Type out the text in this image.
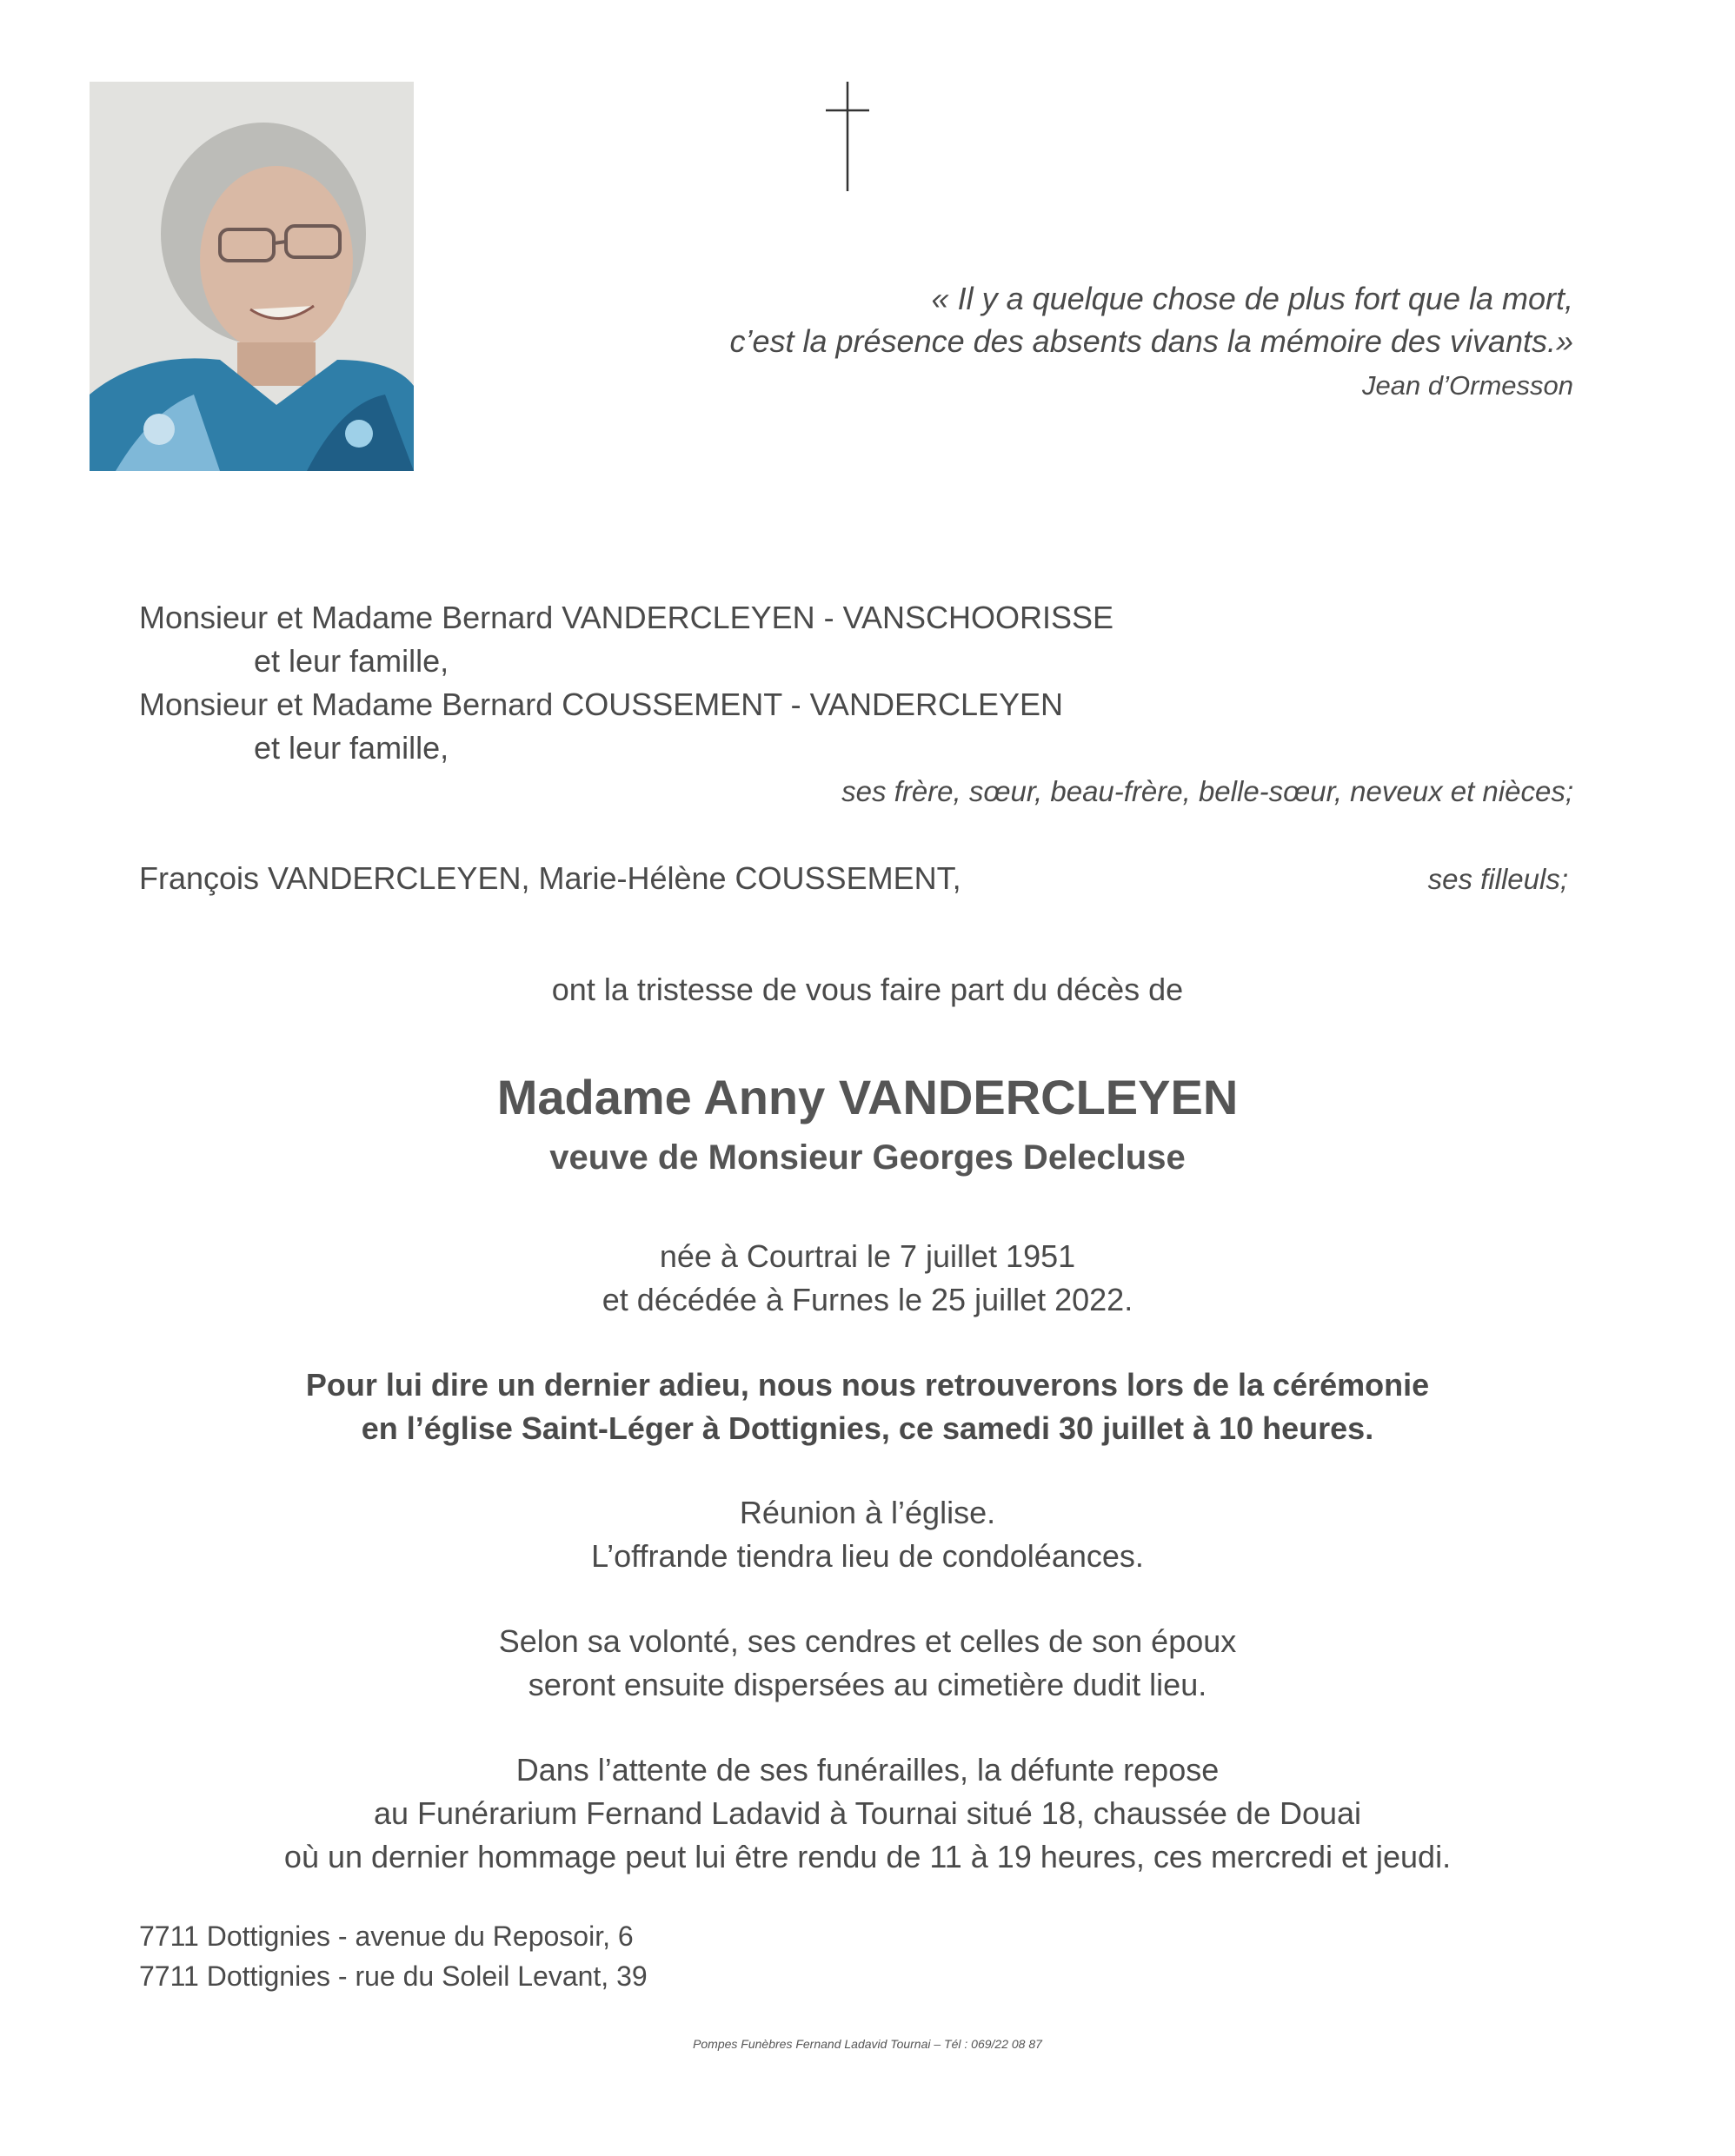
« Il y a quelque chose de plus fort que la mort,
c’est la présence des absents dans la mémoire des vivants.»
Jean d’Ormesson
Monsieur et Madame Bernard VANDERCLEYEN - VANSCHOORISSE
et leur famille,
Monsieur et Madame Bernard COUSSEMENT - VANDERCLEYEN
et leur famille,
ses frère, sœur, beau-frère, belle-sœur, neveux et nièces;
François VANDERCLEYEN, Marie-Hélène COUSSEMENT,	ses filleuls;
ont la tristesse de vous faire part du décès de
Madame Anny VANDERCLEYEN
veuve de Monsieur Georges Delecluse
née à Courtrai le 7 juillet 1951
et décédée à Furnes le 25 juillet 2022.
Pour lui dire un dernier adieu, nous nous retrouverons lors de la cérémonie
en l’église Saint-Léger à Dottignies, ce samedi 30 juillet à 10 heures.
Réunion à l’église.
L’offrande tiendra lieu de condoléances.
Selon sa volonté, ses cendres et celles de son époux
seront ensuite dispersées au cimetière dudit lieu.
Dans l’attente de ses funérailles, la défunte repose
au Funérarium Fernand Ladavid à Tournai situé 18, chaussée de Douai
où un dernier hommage peut lui être rendu de 11 à 19 heures, ces mercredi et jeudi.
7711 Dottignies - avenue du Reposoir, 6
7711 Dottignies - rue du Soleil Levant, 39
Pompes Funèbres Fernand Ladavid Tournai – Tél : 069/22 08 87
